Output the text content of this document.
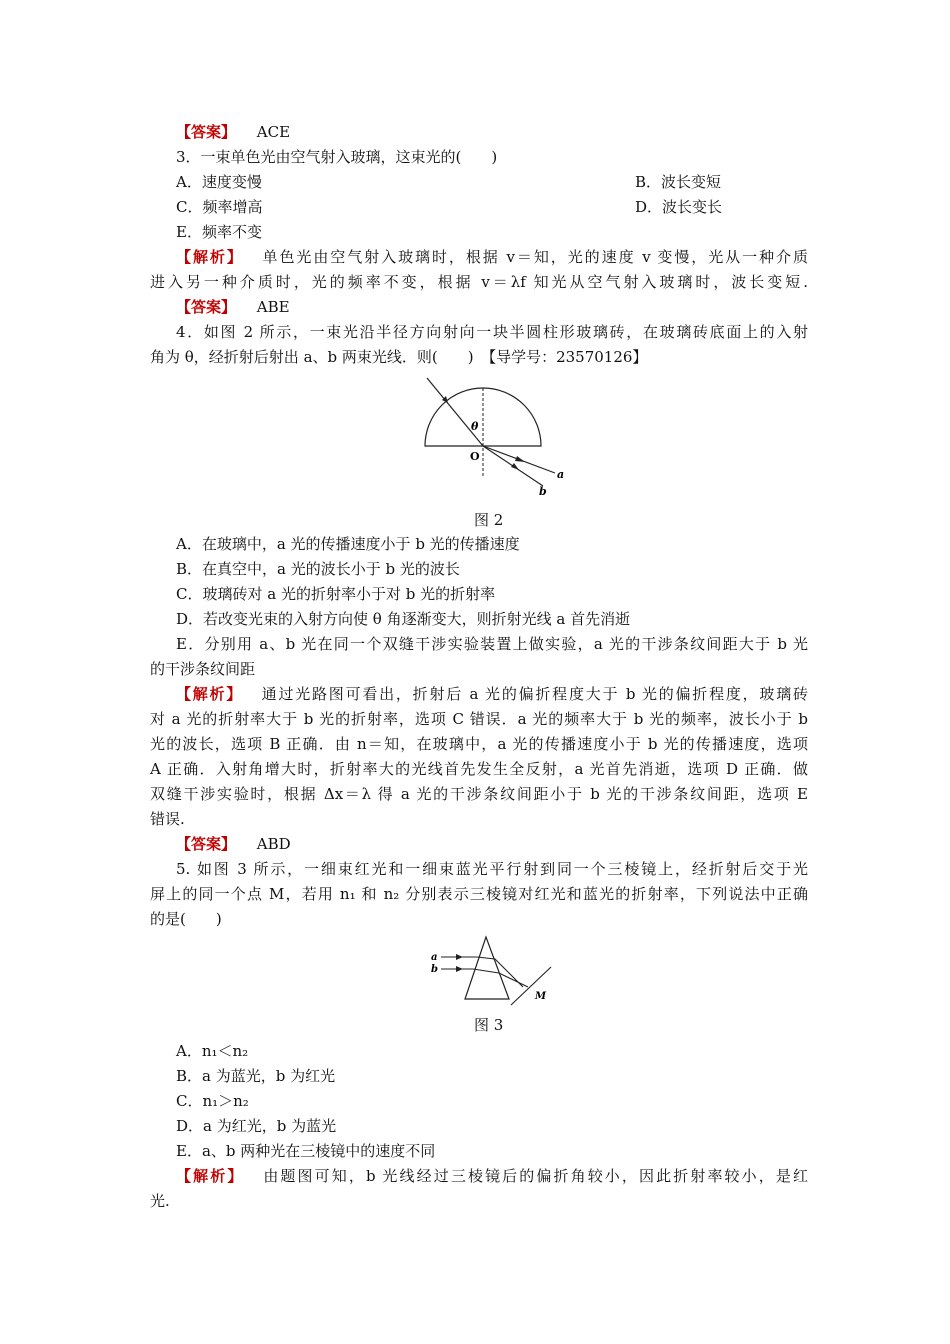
【答案】 ACE
3．一束单色光由空气射入玻璃，这束光的(　　)
A．速度变慢	B．波长变短
C．频率增高	D．波长变长
E．频率不变
【解析】 单色光由空气射入玻璃时，根据 v＝知，光的速度 v 变慢，光从一种介质
进入另一种介质时，光的频率不变，根据 v＝λf 知光从空气射入玻璃时，波长变短.
【答案】 ABE
4．如图 2 所示，一束光沿半径方向射向一块半圆柱形玻璃砖，在玻璃砖底面上的入射
角为 θ，经折射后射出 a、b 两束光线．则(　　)　【导学号：23570126】
θ
O
a
b
图 2
A．在玻璃中，a 光的传播速度小于 b 光的传播速度
B．在真空中，a 光的波长小于 b 光的波长
C．玻璃砖对 a 光的折射率小于对 b 光的折射率
D．若改变光束的入射方向使 θ 角逐渐变大，则折射光线 a 首先消逝
E．分别用 a、b 光在同一个双缝干涉实验装置上做实验，a 光的干涉条纹间距大于 b 光
的干涉条纹间距
【解析】 通过光路图可看出，折射后 a 光的偏折程度大于 b 光的偏折程度，玻璃砖
对 a 光的折射率大于 b 光的折射率，选项 C 错误．a 光的频率大于 b 光的频率，波长小于 b
光的波长，选项 B 正确．由 n＝知，在玻璃中，a 光的传播速度小于 b 光的传播速度，选项
A 正确．入射角增大时，折射率大的光线首先发生全反射，a 光首先消逝，选项 D 正确．做
双缝干涉实验时，根据 Δx＝λ 得 a 光的干涉条纹间距小于 b 光的干涉条纹间距，选项 E
错误.
【答案】 ABD
5. 如图 3 所示，一细束红光和一细束蓝光平行射到同一个三棱镜上，经折射后交于光
屏上的同一个点 M，若用 n₁ 和 n₂ 分别表示三棱镜对红光和蓝光的折射率，下列说法中正确
的是(　　)
a
b
M
图 3
A．n₁＜n₂
B．a 为蓝光，b 为红光
C．n₁＞n₂
D．a 为红光，b 为蓝光
E．a、b 两种光在三棱镜中的速度不同
【解析】 由题图可知，b 光线经过三棱镜后的偏折角较小，因此折射率较小，是红
光.
